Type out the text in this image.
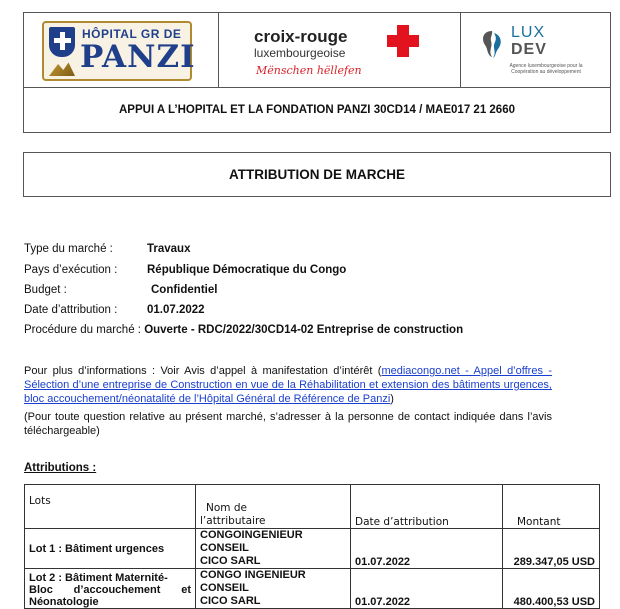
HÔPITAL GR DE
PANZI
croix-rouge
luxembourgeoise
Mënschen hëllefen
LUX
DEV
Agence luxembourgeoise pour la Coopération au développement
APPUI A L’HOPITAL ET LA FONDATION PANZI 30CD14 / MAE017 21 2660
ATTRIBUTION DE MARCHE
Type du marché :	Travaux
Pays d’exécution :	République Démocratique du Congo
Budget :	Confidentiel
Date d’attribution :	01.07.2022
Procédure du marché : Ouverte - RDC/2022/30CD14-02 Entreprise de construction
Pour plus d’informations : Voir Avis d’appel à manifestation d’intérêt (mediacongo.net - Appel d’offres - Sélection d’une entreprise de Construction en vue de la Réhabilitation et extension des bâtiments urgences, bloc accouchement/néonatalité de l’Hôpital Général de Référence de Panzi)
(Pour toute question relative au présent marché, s’adresser à la personne de contact indiquée dans l’avis téléchargeable)
Attributions :
Lots	Nom de
l’attributaire	Date d’attribution	Montant
Lot 1 : Bâtiment urgences	CONGOINGENIEUR CONSEIL
CICO SARL	01.07.2022	289.347,05 USD

Lot 2 : Bâtiment Maternité-
Bloc d’accouchement et
Néonatologie	CONGO INGENIEUR CONSEIL
CICO SARL	01.07.2022	480.400,53 USD
